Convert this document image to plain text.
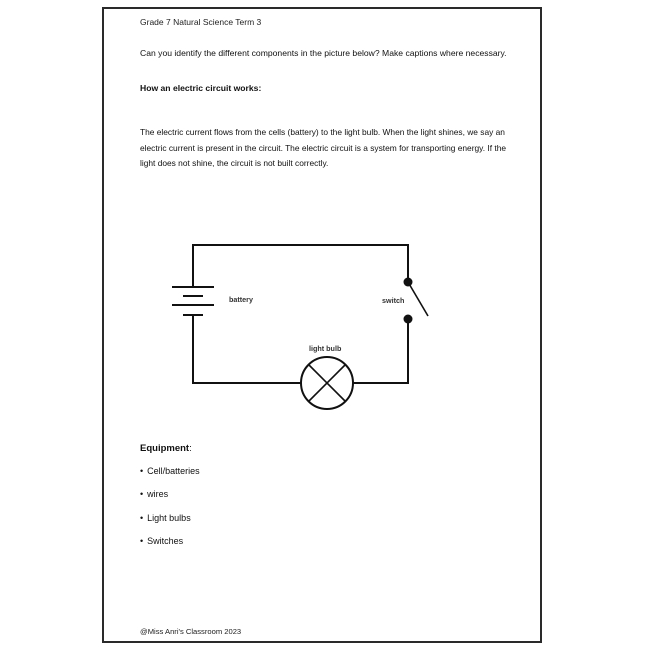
Grade 7 Natural Science Term 3
Can you identify the different components in the picture below? Make captions where necessary.
How an electric circuit works:
The electric current flows from the cells (battery) to the light bulb. When the light shines, we say an electric current is present in the circuit. The electric circuit is a system for transporting energy. If the light does not shine, the circuit is not built correctly.
battery	switch
light bulb
Equipment:
• Cell/batteries
• wires
• Light bulbs
• Switches
@Miss Anri's Classroom 2023
